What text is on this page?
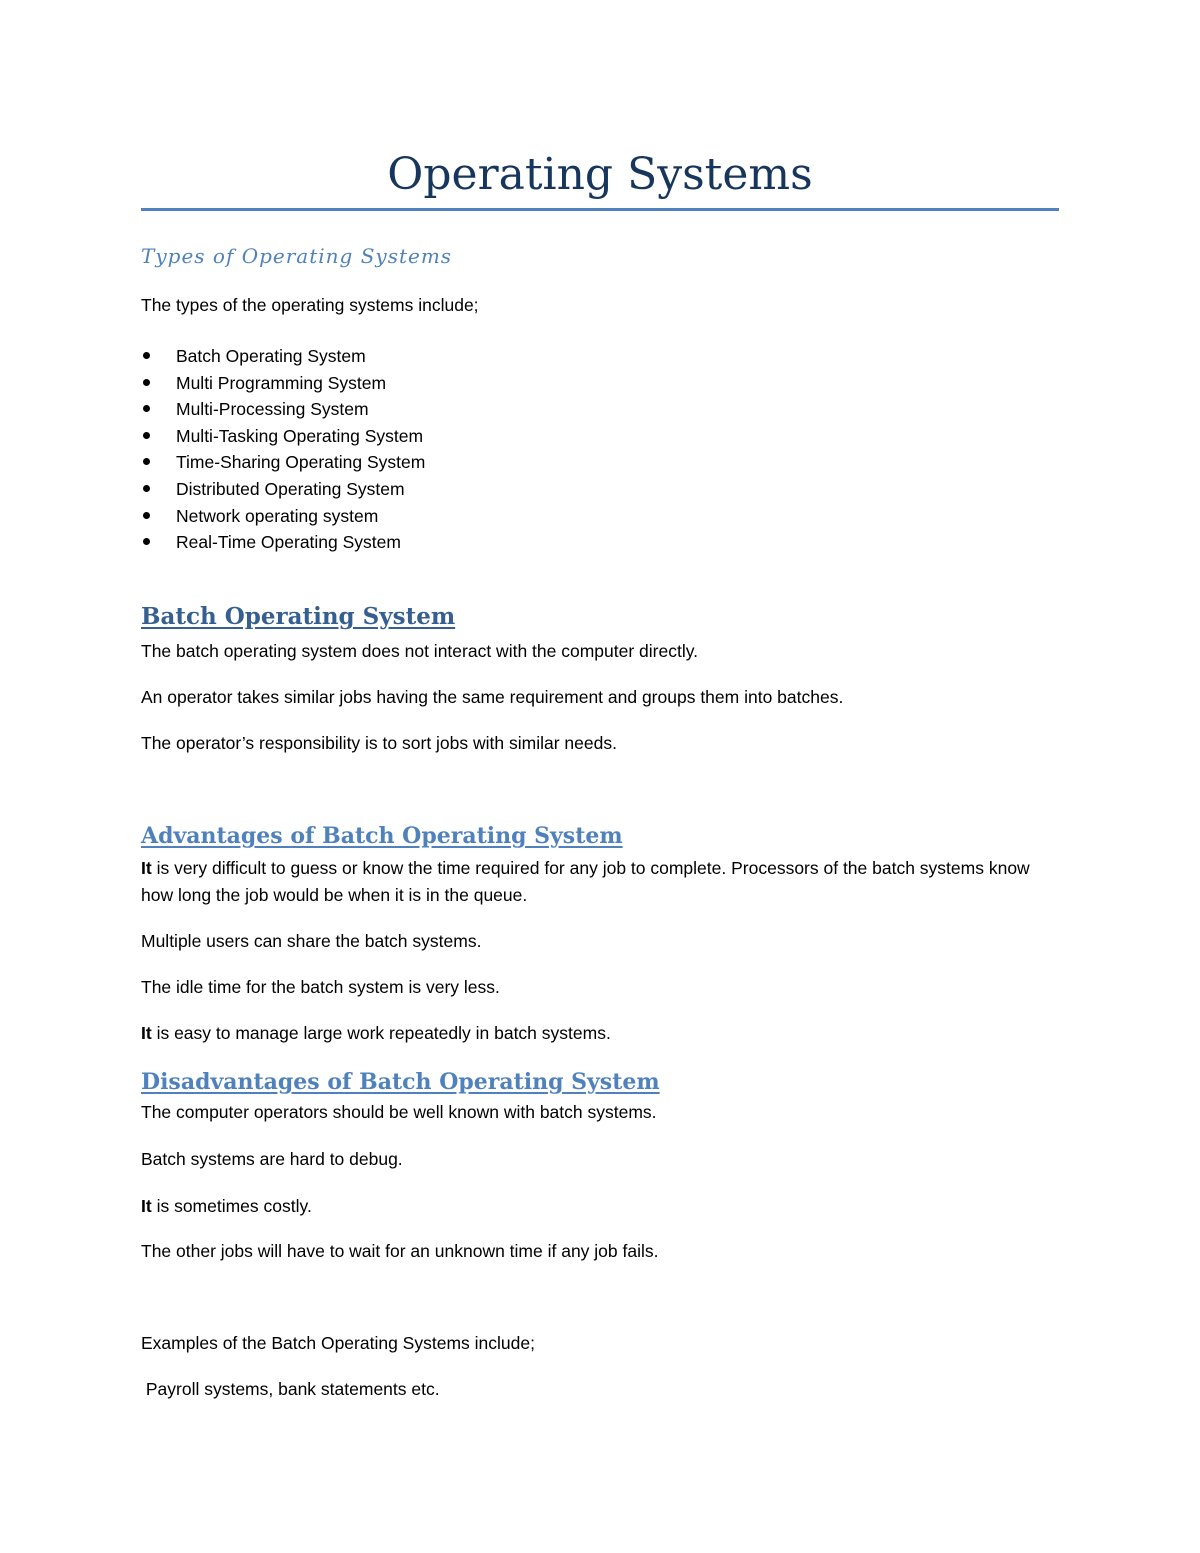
Operating Systems
Types of Operating Systems
The types of the operating systems include;
Batch Operating System
Multi Programming System
Multi-Processing System
Multi-Tasking Operating System
Time-Sharing Operating System
Distributed Operating System
Network operating system
Real-Time Operating System
Batch Operating System
The batch operating system does not interact with the computer directly.
An operator takes similar jobs having the same requirement and groups them into batches.
The operator’s responsibility is to sort jobs with similar needs.
Advantages of Batch Operating System
It is very difficult to guess or know the time required for any job to complete. Processors of the batch systems know how long the job would be when it is in the queue.
Multiple users can share the batch systems.
The idle time for the batch system is very less.
It is easy to manage large work repeatedly in batch systems.
Disadvantages of Batch Operating System
The computer operators should be well known with batch systems.
Batch systems are hard to debug.
It is sometimes costly.
The other jobs will have to wait for an unknown time if any job fails.
Examples of the Batch Operating Systems include;
Payroll systems, bank statements etc.
